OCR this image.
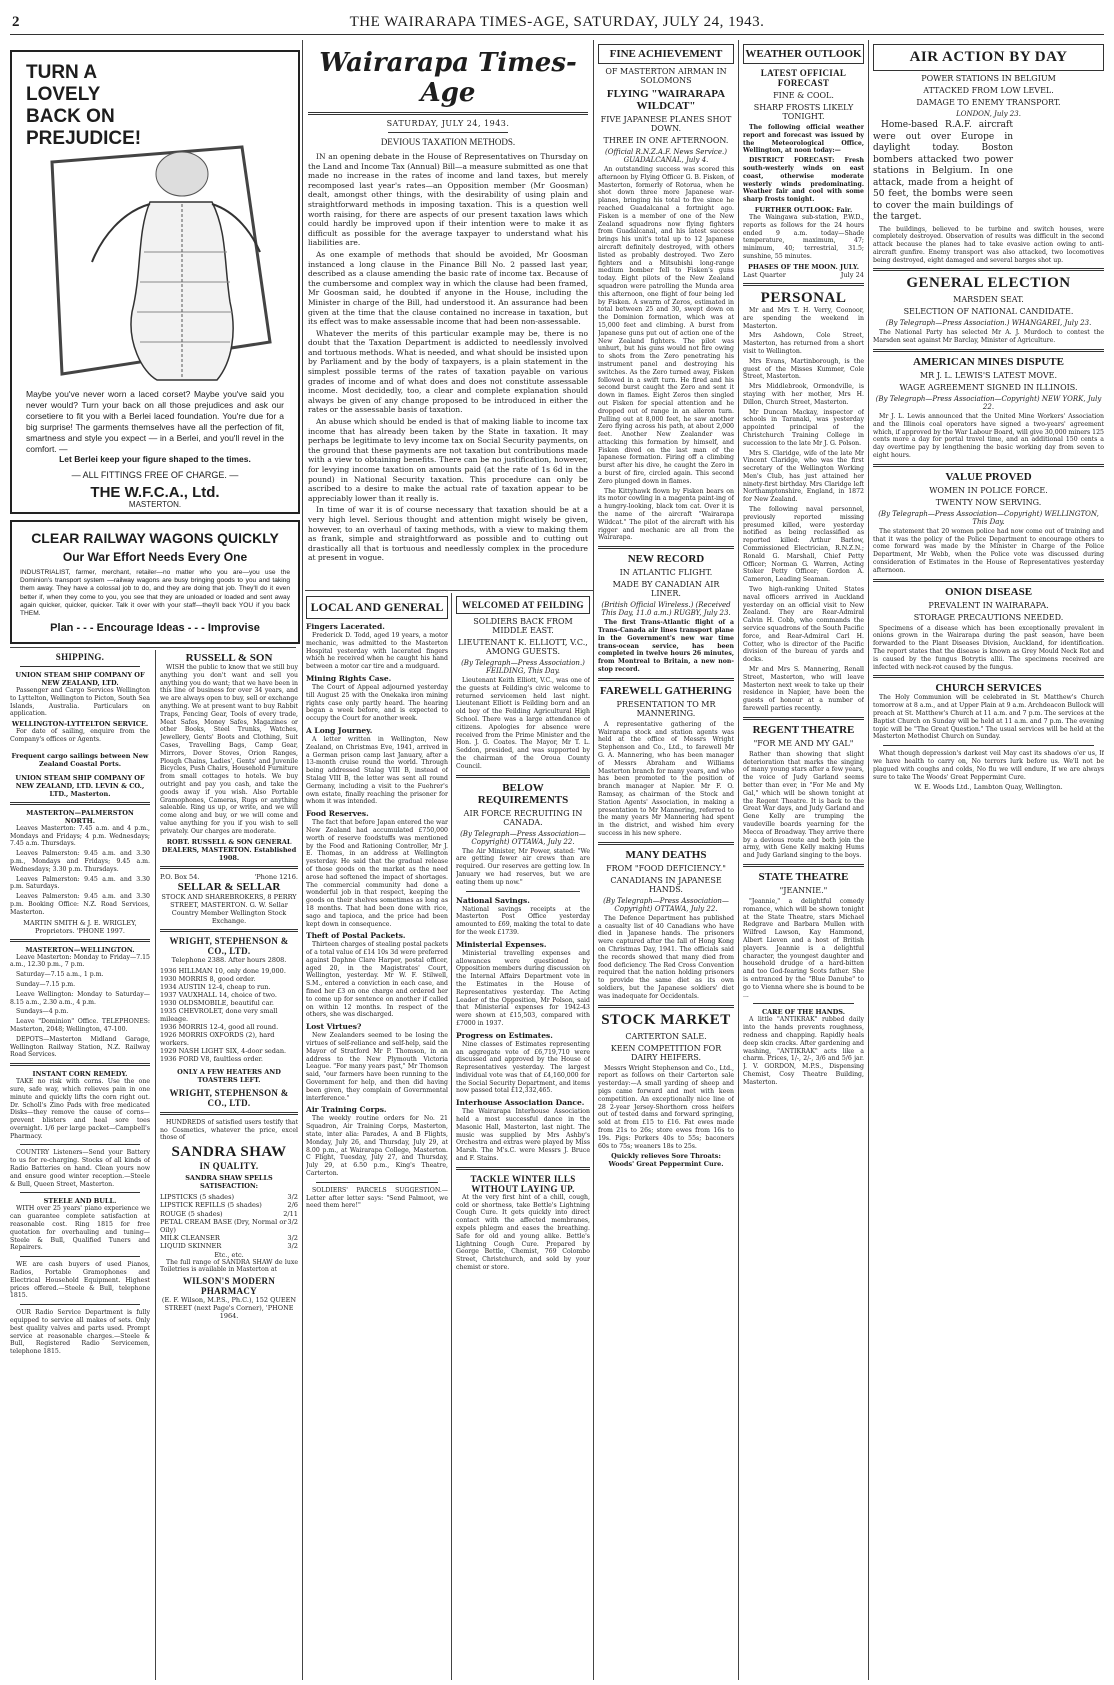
2	THE WAIRARAPA TIMES-AGE, SATURDAY, JULY 24, 1943.
TURN A LOVELY BACK ON PREJUDICE!
Maybe you've never worn a laced corset? Maybe you've said you never would? Turn your back on all those prejudices and ask our corsetiere to fit you with a Berlei laced foundation. You're due for a big surprise! The garments themselves have all the perfection of fit, smartness and style you expect — in a Berlei, and you'll revel in the comfort. —
Let Berlei keep your figure shaped to the times.
— ALL FITTINGS FREE OF CHARGE. —
THE W.F.C.A., Ltd.
MASTERTON.
CLEAR RAILWAY WAGONS QUICKLY
Our War Effort Needs Every One
INDUSTRIALIST, farmer, merchant, retailer—no matter who you are—you use the Dominion's transport system —railway wagons are busy bringing goods to you and taking them away. They have a colossal job to do, and they are doing that job. They'll do it even better if, when they come to you, you see that they are unloaded or loaded and sent away again quicker, quicker, quicker. Talk it over with your staff—they'll back YOU if you back THEM.
Plan - - - Encourage Ideas - - - Improvise
SHIPPING.
UNION STEAM SHIP COMPANY OF NEW ZEALAND, LTD.

Passenger and Cargo Services Wellington to Lyttelton, Wellington to Picton, South Sea Islands, Australia. Particulars on application.

WELLINGTON-LYTTELTON SERVICE.

For date of sailing, enquire from the Company's offices or Agents.

Frequent cargo sailings between New Zealand Coastal Ports.
UNION STEAM SHIP COMPANY OF NEW ZEALAND, LTD. LEVIN & CO., LTD., Masterton.
MASTERTON—PALMERSTON NORTH.

Leaves Masterton: 7.45 a.m. and 4 p.m., Mondays and Fridays; 4 p.m. Wednesdays; 7.45 a.m. Thursdays.

Leaves Palmerston: 9.45 a.m. and 3.30 p.m., Mondays and Fridays; 9.45 a.m. Wednesdays; 3.30 p.m. Thursdays.

Leaves Palmerston: 9.45 a.m. and 3.30 p.m. Saturdays.

Leaves Palmerston: 9.45 a.m. and 3.30 p.m. Booking Office: N.Z. Road Services, Masterton.

MARTIN SMITH & J. E. WRIGLEY, Proprietors. 'PHONE 1997.
MASTERTON—WELLINGTON.

Leave Masterton: Monday to Friday—7.15 a.m., 12.30 p.m., 7 p.m.

Saturday—7.15 a.m., 1 p.m.

Sunday—7.15 p.m.

Leave Wellington: Monday to Saturday—8.15 a.m., 2.30 a.m., 4 p.m.

Sundays—4 p.m.

Leave "Dominion" Office. TELEPHONES: Masterton, 2048; Wellington, 47-100.

DEPOTS—Masterton Midland Garage, Wellington Railway Station, N.Z. Railway Road Services.

INSTANT CORN REMEDY.

TAKE no risk with corns. Use the one sure, safe way, which relieves pain in one minute and quickly lifts the corn right out. Dr. Scholl's Zino Pads with free medicated Disks—they remove the cause of corns—prevent blisters and heal sore toes overnight. 1/6 per large packet—Campbell's Pharmacy.

COUNTRY Listeners—Send your Battery to us for re-charging. Stocks of all kinds of Radio Batteries on hand. Clean yours now and ensure good winter reception.—Steele & Bull, Queen Street, Masterton.

STEELE AND BULL.

WITH over 25 years' piano experience we can guarantee complete satisfaction at reasonable cost. Ring 1815 for free quotation for overhauling and tuning—Steele & Bull, Qualified Tuners and Repairers.

WE are cash buyers of used Pianos, Radios, Portable Gramophones and Electrical Household Equipment. Highest prices offered.—Steele & Bull, telephone 1815.

OUR Radio Service Department is fully equipped to service all makes of sets. Only best quality valves and parts used. Prompt service at reasonable charges.—Steele & Bull, Registered Radio Servicemen, telephone 1815.

RUSSELL & SON

WISH the public to know that we still buy anything you don't want and sell you anything you do want; that we have been in this line of business for over 34 years, and we are always open to buy, sell or exchange anything. We at present want to buy Rabbit Traps, Fencing Gear, Tools of every trade, Meat Safes, Money Safes, Magazines or other Books, Steel Trunks, Watches, Jewellery, Gents' Boots and Clothing, Suit Cases, Travelling Bags, Camp Gear, Mirrors, Dover Stoves, Orion Ranges, Plough Chains, Ladies', Gents' and Juvenile Bicycles, Push Chairs, Household Furniture from small cottages to hotels. We buy outright and pay you cash, and take the goods away if you wish. Also Portable Gramophones, Cameras, Rugs or anything saleable. Ring us up, or write, and we will come along and buy, or we will come and value anything for you if you wish to sell privately. Our charges are moderate.

ROBT. RUSSELL & SON GENERAL DEALERS, MASTERTON. Established 1908.
P.O. Box 54.	'Phone 1216.
SELLAR & SELLAR
STOCK AND SHAREBROKERS, 8 PERRY STREET, MASTERTON. G. W. Sellar Country Member Wellington Stock Exchange.
WRIGHT, STEPHENSON & CO., LTD.
Telephone 2388. After hours 2808.
1936 HILLMAN 10, only done 19,000.
1930 MORRIS 8, good order.
1934 AUSTIN 12-4, cheap to run.
1937 VAUXHALL 14, choice of two.
1930 OLDSMOBILE, beautiful car.
1935 CHEVROLET, done very small mileage.
1936 MORRIS 12-4, good all round.
1926 MORRIS OXFORDS (2), hard workers.
1929 NASH LIGHT SIX, 4-door sedan.
1936 FORD V8, faultless order.
ONLY A FEW HEATERS AND TOASTERS LEFT.
WRIGHT, STEPHENSON & CO., LTD.

HUNDREDS of satisfied users testify that no Cosmetics, whatever the price, excel those of

SANDRA SHAW
IN QUALITY.
SANDRA SHAW SPELLS SATISFACTION:
LIPSTICKS (5 shades)	3/2
LIPSTICK REFILLS (5 shades)	2/6
ROUGE (5 shades)	2/11
PETAL CREAM BASE (Dry, Normal or Oily)
3/2
MILK CLEANSER	3/2
LIQUID SKINNER	3/2
Etc., etc.

The full range of SANDRA SHAW de luxe Toiletries is available in Masterton at

WILSON'S MODERN PHARMACY
(E. F. Wilson, M.P.S., Ph.C.), 152 QUEEN STREET (next Page's Corner), 'PHONE 1964.
Wairarapa Times-Age
SATURDAY, JULY 24, 1943.
DEVIOUS TAXATION METHODS.

IN an opening debate in the House of Representatives on Thursday on the Land and Income Tax (Annual) Bill—a measure submitted as one that made no increase in the rates of income and land taxes, but merely recomposed last year's rates—an Opposition member (Mr Goosman) dealt, amongst other things, with the desirability of using plain and straightforward methods in imposing taxation. This is a question well worth raising, for there are aspects of our present taxation laws which could hardly be improved upon if their intention were to make it as difficult as possible for the average taxpayer to understand what his liabilities are.

As one example of methods that should be avoided, Mr Goosman instanced a long clause in the Finance Bill No. 2 passed last year, described as a clause amending the basic rate of income tax. Because of the cumbersome and complex way in which the clause had been framed, Mr Goosman said, he doubted if anyone in the House, including the Minister in charge of the Bill, had understood it. An assurance had been given at the time that the clause contained no increase in taxation, but its effect was to make assessable income that had been non-assessable.

Whatever the merits of this particular example may be, there is no doubt that the Taxation Department is addicted to needlessly involved and tortuous methods. What is needed, and what should be insisted upon by Parliament and by the body of taxpayers, is a plain statement in the simplest possible terms of the rates of taxation payable on various grades of income and of what does and does not constitute assessable income. Most decidedly, too, a clear and complete explanation should always be given of any change proposed to be introduced in either the rates or the assessable basis of taxation.

An abuse which should be ended is that of making liable to income tax income that has already been taken by the State in taxation. It may perhaps be legitimate to levy income tax on Social Security payments, on the ground that these payments are not taxation but contributions made with a view to obtaining benefits. There can be no justification, however, for levying income taxation on amounts paid (at the rate of 1s 6d in the pound) in National Security taxation. This procedure can only be ascribed to a desire to make the actual rate of taxation appear to be appreciably lower than it really is.

In time of war it is of course necessary that taxation should be at a very high level. Serious thought and attention might wisely be given, however, to an overhaul of taxing methods, with a view to making them as frank, simple and straightforward as possible and to cutting out drastically all that is tortuous and needlessly complex in the procedure at present in vogue.

LOCAL AND GENERAL
Fingers Lacerated.

Frederick D. Todd, aged 19 years, a motor mechanic, was admitted to the Masterton Hospital yesterday with lacerated fingers which he received when he caught his hand between a motor car tire and a mudguard.

Mining Rights Case.

The Court of Appeal adjourned yesterday till August 25 with the Onekaka iron mining rights case only partly heard. The hearing began a week before, and is expected to occupy the Court for another week.

A Long Journey.

A letter written in Wellington, New Zealand, on Christmas Eve, 1941, arrived in a German prison camp last January, after a 13-month cruise round the world. Through being addressed Stalag VIII B, instead of Stalag VIII B, the letter was sent all round Germany, including a visit to the Fuehrer's own estate, finally reaching the prisoner for whom it was intended.

Food Reserves.

The fact that before Japan entered the war New Zealand had accumulated £750,000 worth of reserve foodstuffs was mentioned by the Food and Rationing Controller, Mr J. E. Thomas, in an address at Wellington yesterday. He said that the gradual release of those goods on the market as the need arose had softened the impact of shortages. The commercial community had done a wonderful job in that respect, keeping the goods on their shelves sometimes as long as 18 months. That had been done with rice, sago and tapioca, and the price had been kept down in consequence.

Theft of Postal Packets.

Thirteen charges of stealing postal packets of a total value of £14 10s 3d were preferred against Daphne Clare Harper, postal officer, aged 20, in the Magistrates' Court, Wellington, yesterday. Mr W. F. Stilwell, S.M., entered a conviction in each case, and fined her £3 on one charge and ordered her to come up for sentence on another if called on within 12 months. In respect of the others, she was discharged.

Lost Virtues?

New Zealanders seemed to be losing the virtues of self-reliance and self-help, said the Mayor of Stratford Mr P. Thomson, in an address to the New Plymouth Victoria League. "For many years past," Mr Thomson said, "our farmers have been running to the Government for help, and then did having been given, they complain of Governmental interference."

Air Training Corps.

The weekly routine orders for No. 21 Squadron, Air Training Corps, Masterton, state, inter alia: Parades, A and B Flights, Monday, July 26, and Thursday, July 29, at 8.00 p.m., at Wairarapa College, Masterton. C Flight, Tuesday, July 27, and Thursday, July 29, at 6.50 p.m., King's Theatre, Carterton.

SOLDIERS' PARCELS SUGGESTION.—Letter after letter says: "Send Palmoot, we need them here!"

WELCOMED AT FEILDING
SOLDIERS BACK FROM MIDDLE EAST.
LIEUTENANT K. ELLIOTT, V.C., AMONG GUESTS.
(By Telegraph—Press Association.) FEILDING, This Day.

Lieutenant Keith Elliott, V.C., was one of the guests at Feilding's civic welcome to returned servicemen held last night. Lieutenant Elliott is Feilding born and an old boy of the Feilding Agricultural High School. There was a large attendance of citizens. Apologies for absence were received from the Prime Minister and the Hon. J. G. Coates. The Mayor, Mr T. L. Seddon, presided, and was supported by the chairman of the Oroua County Council.

BELOW REQUIREMENTS
AIR FORCE RECRUITING IN CANADA.
(By Telegraph—Press Association—Copyright) OTTAWA, July 22.

The Air Minister, Mr Power, stated: "We are getting fewer air crews than are required. Our reserves are getting low. In January we had reserves, but we are eating them up now."

National Savings.

National savings receipts at the Masterton Post Office yesterday amounted to £69, making the total to date for the week £1739.

Ministerial Expenses.

Ministerial travelling expenses and allowances were questioned by Opposition members during discussion on the Internal Affairs Department vote in the Estimates in the House of Representatives yesterday. The Acting Leader of the Opposition, Mr Polson, said that Ministerial expenses for 1942-43 were shown at £15,503, compared with £7000 in 1937.

Progress on Estimates.

Nine classes of Estimates representing an aggregate vote of £6,719,710 were discussed and approved by the House of Representatives yesterday. The largest individual vote was that of £4,160,000 for the Social Security Department, and items now passed total £12,332,465.

Interhouse Association Dance.

The Wairarapa Interhouse Association held a most successful dance in the Masonic Hall, Masterton, last night. The music was supplied by Mrs Ashby's Orchestra and extras were played by Miss Marsh. The M's.C. were Messrs J. Bruce and F. Stains.

TACKLE WINTER ILLS WITHOUT LAYING UP.

At the very first hint of a chill, cough, cold or shortness, take Bettle's Lightning Cough Cure. It gets quickly into direct contact with the affected membranes, expels phlegm and eases the breathing. Safe for old and young alike. Bettle's Lightning Cough Cure. Prepared by George Bettle, Chemist, 769 Colombo Street, Christchurch, and sold by your chemist or store.

FINE ACHIEVEMENT
OF MASTERTON AIRMAN IN SOLOMONS
FLYING "WAIRARAPA WILDCAT"
FIVE JAPANESE PLANES SHOT DOWN.
THREE IN ONE AFTERNOON.
(Official R.N.Z.A.F. News Service.) GUADALCANAL, July 4.

An outstanding success was scored this afternoon by Flying Officer G. B. Fisken, of Masterton, formerly of Rotorua, when he shot down three more Japanese war-planes, bringing his total to five since he reached Guadalcanal a fortnight ago. Fisken is a member of one of the New Zealand squadrons now flying fighters from Guadalcanal, and his latest success brings his unit's total up to 12 Japanese aircraft definitely destroyed, with others listed as probably destroyed. Two Zero fighters and a Mitsubishi long-range medium bomber fell to Fisken's guns today. Eight pilots of the New Zealand squadron were patrolling the Munda area this afternoon, one flight of four being led by Fisken. A swarm of Zeros, estimated in total between 25 and 30, swept down on the Dominion formation, which was at 15,000 feet and climbing. A burst from Japanese guns put out of action one of the New Zealand fighters. The pilot was unhurt, but his guns would not fire owing to shots from the Zero penetrating his instrument panel and destroying his switches. As the Zero turned away, Fisken followed in a swift turn. He fired and his second burst caught the Zero and sent it down in flames. Eight Zeros then singled out Fisken for special attention and he dropped out of range in an aileron turn. Pulling out at 8,000 feet, he saw another Zero flying across his path, at about 2,000 feet. Another New Zealander was attacking this formation by himself, and Fisken dived on the last man of the Japanese formation. Firing off a climbing burst after his dive, he caught the Zero in a burst of fire, circled again. This second Zero plunged down in flames.

The Kittyhawk flown by Fisken bears on its motor cowling in a magenta paint-ing of a hungry-looking, black tom cat. Over it is the name of the aircraft "Wairarapa Wildcat." The pilot of the aircraft with his rigger and mechanic are all from the Wairarapa.

NEW RECORD
IN ATLANTIC FLIGHT.
MADE BY CANADIAN AIR LINER.
(British Official Wireless.) (Received This Day, 11.0 a.m.) RUGBY, July 23.

The first Trans-Atlantic flight of a Trans-Canada air lines transport plane in the Government's new war time trans-ocean service, has been completed in twelve hours 26 minutes, from Montreal to Britain, a new non-stop record.

FAREWELL GATHERING
PRESENTATION TO MR MANNERING.

A representative gathering of the Wairarapa stock and station agents was held at the office of Messrs Wright Stephenson and Co., Ltd., to farewell Mr G. A. Mannering, who has been manager of Messrs Abraham and Williams Masterton branch for many years, and who has been promoted to the position of branch manager at Napier. Mr F. O. Ramsay, as chairman of the Stock and Station Agents' Association, in making a presentation to Mr Mannering, referred to the many years Mr Mannering had spent in the district, and wished him every success in his new sphere.

MANY DEATHS
FROM "FOOD DEFICIENCY."
CANADIANS IN JAPANESE HANDS.
(By Telegraph—Press Association—Copyright) OTTAWA, July 22.

The Defence Department has published a casualty list of 40 Canadians who have died in Japanese hands. The prisoners were captured after the fall of Hong Kong on Christmas Day, 1941. The officials said the records showed that many died from food deficiency. The Red Cross Convention required that the nation holding prisoners to provide the same diet as its own soldiers, but the Japanese soldiers' diet was inadequate for Occidentals.

STOCK MARKET
CARTERTON SALE.
KEEN COMPETITION FOR DAIRY HEIFERS.

Messrs Wright Stephenson and Co., Ltd., report as follows on their Carterton sale yesterday:—A small yarding of sheep and pigs came forward and met with keen competition. An exceptionally nice line of 28 2-year Jersey-Shorthorn cross heifers out of tested dams and forward springing, sold at from £15 to £16. Fat ewes made from 21s to 26s; store ewes from 16s to 19s. Pigs: Porkers 40s to 55s; baconers 60s to 75s; weaners 18s to 25s.

Quickly relieves Sore Throats: Woods' Great Peppermint Cure.
WEATHER OUTLOOK
LATEST OFFICIAL FORECAST
FINE & COOL.
SHARP FROSTS LIKELY TONIGHT.

The following official weather report and forecast was issued by the Meteorological Office, Wellington, at noon today:—

DISTRICT FORECAST: Fresh south-westerly winds on east coast, otherwise moderate westerly winds predominating. Weather fair and cool with some sharp frosts tonight.

FURTHER OUTLOOK: Fair.

The Waingawa sub-station, P.W.D., reports as follows for the 24 hours ended 9 a.m. today—Shade temperature, maximum, 47; minimum, 40; terrestrial, 31.5; sunshine, 55 minutes.

PHASES OF THE MOON. JULY.
Last Quarter	July 24
PERSONAL

Mr and Mrs T. H. Verry, Coonoor, are spending the weekend in Masterton.

Mrs Ashdown, Cole Street, Masterton, has returned from a short visit to Wellington.

Mrs Evans, Martinborough, is the guest of the Misses Kummer, Cole Street, Masterton.

Mrs Middlebrook, Ormondville, is staying with her mother, Mrs H. Dillon, Church Street, Masterton.

Mr Duncan Mackay, inspector of schools in Taranaki, was yesterday appointed principal of the Christchurch Training College in succession to the late Mr J. G. Polson.

Mrs S. Claridge, wife of the late Mr Vincent Claridge, who was the first secretary of the Wellington Working Men's Club, has just attained her ninety-first birthday. Mrs Claridge left Northamptonshire, England, in 1872 for New Zealand.

The following naval personnel, previously reported missing presumed killed, were yesterday notified as being reclassified as reported killed: Arthur Barlow, Commissioned Electrician, R.N.Z.N.; Ronald G. Marshall, Chief Petty Officer; Norman G. Warren, Acting Stoker Petty Officer; Gordon A. Cameron, Leading Seaman.

Two high-ranking United States naval officers arrived in Auckland yesterday on an official visit to New Zealand. They are Rear-Admiral Calvin H. Cobb, who commands the service squadrons of the South Pacific force, and Rear-Admiral Carl H. Cotter, who is director of the Pacific division of the bureau of yards and docks.

Mr and Mrs S. Mannering, Renall Street, Masterton, who will leave Masterton next week to take up their residence in Napier, have been the guests of honour at a number of farewell parties recently.

REGENT THEATRE
"FOR ME AND MY GAL"

Rather than showing that slight deterioration that marks the singing of many young stars after a few years, the voice of Judy Garland seems better than ever, in "For Me and My Gal," which will be shown tonight at the Regent Theatre. It is back to the Great War days, and Judy Garland and Gene Kelly are trumping the vaudeville boards yearning for the Mecca of Broadway. They arrive there by a devious route and both join the army, with Gene Kelly making Hums and Judy Garland singing to the boys.

STATE THEATRE
"JEANNIE."

"Jeannie," a delightful comedy romance, which will be shown tonight at the State Theatre, stars Michael Redgrave and Barbara Mullen with Wilfred Lawson, Kay Hammond, Albert Lieven and a host of British players. Jeannie is a delightful character, the youngest daughter and household drudge of a hard-bitten and too God-fearing Scots father. She is entranced by the "Blue Danube" to go to Vienna where she is bound to be ...

CARE OF THE HANDS.

A little "ANTIKRAK" rubbed daily into the hands prevents roughness, redness and chapping. Rapidly heals deep skin cracks. After gardening and washing, "ANTIKRAK" acts like a charm. Prices, 1/-, 2/-, 3/6 and 5/6 jar. J. V. GORDON, M.P.S., Dispensing Chemist, Cosy Theatre Building, Masterton.

AIR ACTION BY DAY
POWER STATIONS IN BELGIUM
ATTACKED FROM LOW LEVEL.
DAMAGE TO ENEMY TRANSPORT.
LONDON, July 23.

Home-based R.A.F. aircraft were out over Europe in daylight today. Boston bombers attacked two power stations in Belgium. In one attack, made from a height of 50 feet, the bombs were seen to cover the main buildings of the target.

The buildings, believed to be turbine and switch houses, were completely destroyed. Observation of results was difficult in the second attack because the planes had to take evasive action owing to anti-aircraft gunfire. Enemy transport was also attacked, two locomotives being destroyed, eight damaged and several barges shot up.

GENERAL ELECTION
MARSDEN SEAT.
SELECTION OF NATIONAL CANDIDATE.
(By Telegraph—Press Association.) WHANGAREI, July 23.

The National Party has selected Mr A. J. Murdoch to contest the Marsden seat against Mr Barclay, Minister of Agriculture.

AMERICAN MINES DISPUTE
MR J. L. LEWIS'S LATEST MOVE.
WAGE AGREEMENT SIGNED IN ILLINOIS.
(By Telegraph—Press Association—Copyright) NEW YORK, July 22.

Mr J. L. Lewis announced that the United Mine Workers' Association and the Illinois coal operators have signed a two-years' agreement which, if approved by the War Labour Board, will give 30,000 miners 125 cents more a day for portal travel time, and an additional 150 cents a day overtime pay by lengthening the basic working day from seven to eight hours.

VALUE PROVED
WOMEN IN POLICE FORCE.
TWENTY NOW SERVING.
(By Telegraph—Press Association—Copyright) WELLINGTON, This Day.

The statement that 20 women police had now come out of training and that it was the policy of the Police Department to encourage others to come forward was made by the Minister in Charge of the Police Department, Mr Webb, when the Police vote was discussed during consideration of Estimates in the House of Representatives yesterday afternoon.

ONION DISEASE
PREVALENT IN WAIRARAPA.
STORAGE PRECAUTIONS NEEDED.

Specimens of a disease which has been exceptionally prevalent in onions grown in the Wairarapa during the past season, have been forwarded to the Plant Diseases Division, Auckland, for identification. The report states that the disease is known as Grey Mould Neck Rot and is caused by the fungus Botrytis allii. The specimens received are infected with neck-rot caused by the fungus.

CHURCH SERVICES

The Holy Communion will be celebrated in St. Matthew's Church tomorrow at 8 a.m., and at Upper Plain at 9 a.m. Archdeacon Bullock will preach at St. Matthew's Church at 11 a.m. and 7 p.m. The services at the Baptist Church on Sunday will be held at 11 a.m. and 7 p.m. The evening topic will be "The Great Question." The usual services will be held at the Masterton Methodist Church on Sunday.

What though depression's darkest veil May cast its shadows o'er us, If we have health to carry on, No terrors lurk before us. We'll not be plagued with coughs and colds, No flu we will endure, If we are always sure to take The Woods' Great Peppermint Cure.

W. E. Woods Ltd., Lambton Quay, Wellington.
